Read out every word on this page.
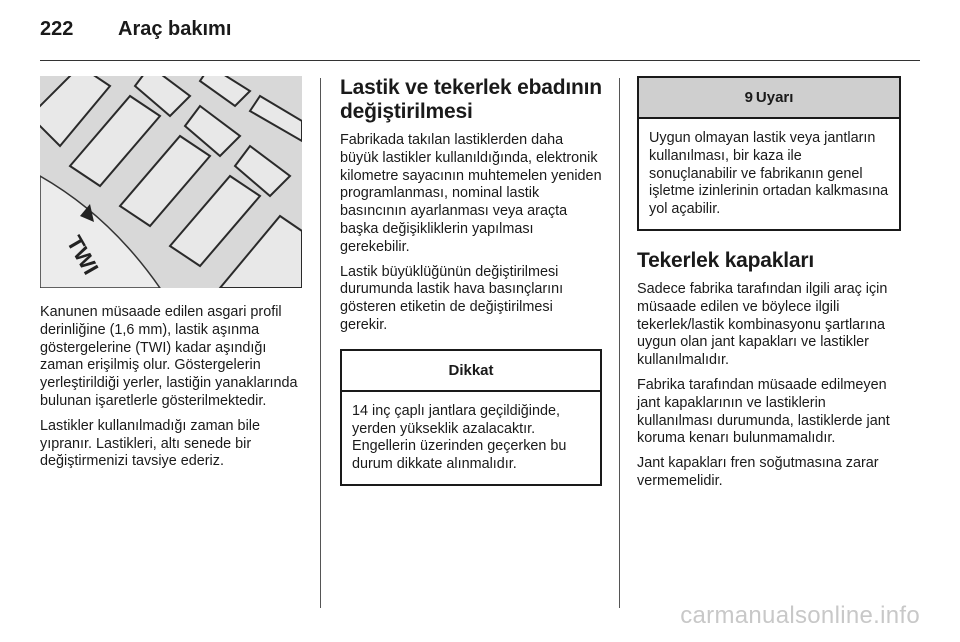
222	Araç bakımı
TWI

Kanunen müsaade edilen asgari profil derinliğine (1,6 mm), lastik aşınma göstergelerine (TWI) kadar aşındığı zaman erişilmiş olur. Göstergelerin yerleştirildiği yerler, lastiğin yanaklarında bulunan işaretlerle gösterilmektedir.

Lastikler kullanılmadığı zaman bile yıpranır. Lastikleri, altı senede bir değiştirmenizi tavsiye ederiz.

Lastik ve tekerlek ebadının değiştirilmesi

Fabrikada takılan lastiklerden daha büyük lastikler kullanıldığında, elektronik kilometre sayacının muhtemelen yeniden programlanması, nominal lastik basıncının ayarlanması veya araçta başka değişikliklerin yapılması gerekebilir.

Lastik büyüklüğünün değiştirilmesi durumunda lastik hava basınçlarını gösteren etiketin de değiştirilmesi gerekir.

Dikkat

14 inç çaplı jantlara geçildiğinde, yerden yükseklik azalacaktır. Engellerin üzerinden geçerken bu durum dikkate alınmalıdır.

9 Uyarı

Uygun olmayan lastik veya jantların kullanılması, bir kaza ile sonuçlanabilir ve fabrikanın genel işletme izinlerinin ortadan kalkmasına yol açabilir.

Tekerlek kapakları

Sadece fabrika tarafından ilgili araç için müsaade edilen ve böylece ilgili tekerlek/lastik kombinasyonu şartlarına uygun olan jant kapakları ve lastikler kullanılmalıdır.

Fabrika tarafından müsaade edilmeyen jant kapaklarının ve lastiklerin kullanılması durumunda, lastiklerde jant koruma kenarı bulunmamalıdır.

Jant kapakları fren soğutmasına zarar vermemelidir.

carmanualsonline.info
